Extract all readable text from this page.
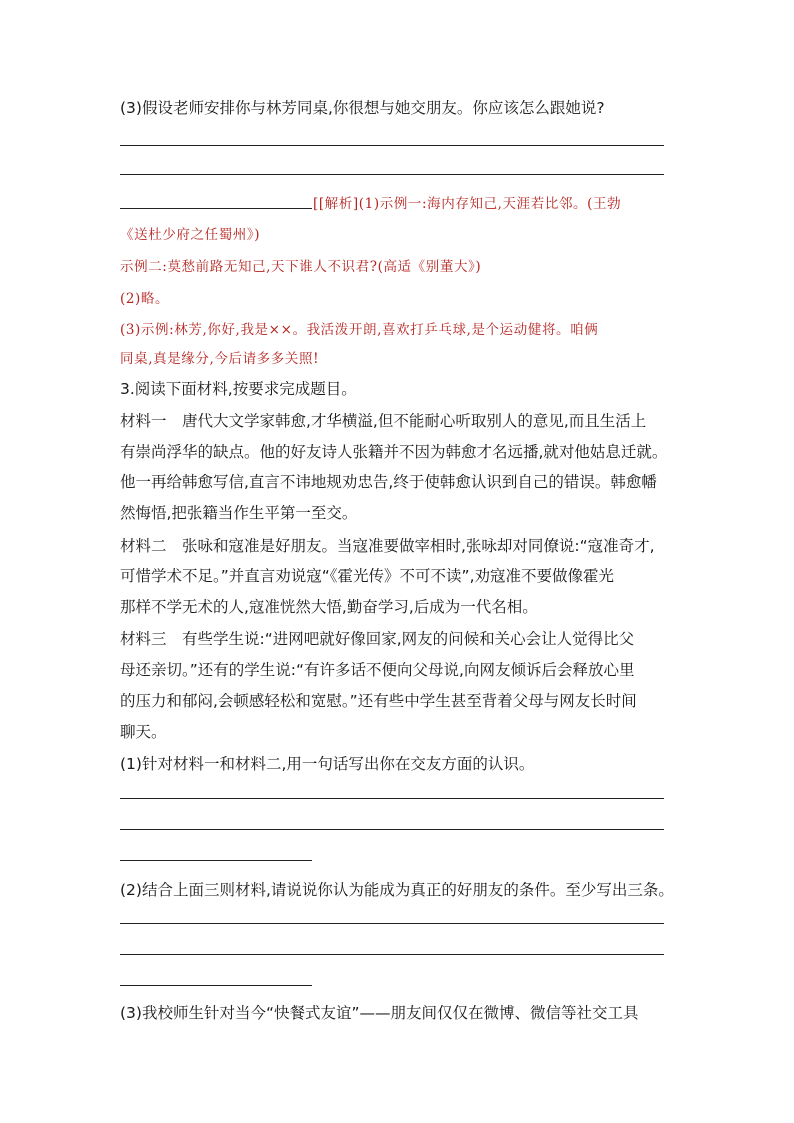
(3)假设老师安排你与林芳同桌,你很想与她交朋友。你应该怎么跟她说?
[[解析](1)示例一:海内存知己,天涯若比邻。(王勃
《送杜少府之任蜀州》)
示例二:莫愁前路无知己,天下谁人不识君?(高适《别董大》)
(2)略。
(3)示例:林芳,你好,我是××。我活泼开朗,喜欢打乒乓球,是个运动健将。咱俩
同桌,真是缘分,今后请多多关照!
3.阅读下面材料,按要求完成题目。
材料一　唐代大文学家韩愈,才华横溢,但不能耐心听取别人的意见,而且生活上
有崇尚浮华的缺点。他的好友诗人张籍并不因为韩愈才名远播,就对他姑息迁就。
他一再给韩愈写信,直言不讳地规劝忠告,终于使韩愈认识到自己的错误。韩愈幡
然悔悟,把张籍当作生平第一至交。
材料二　张咏和寇准是好朋友。当寇准要做宰相时,张咏却对同僚说:“寇准奇才,
可惜学术不足。”并直言劝说寇“《霍光传》不可不读”,劝寇准不要做像霍光
那样不学无术的人,寇准恍然大悟,勤奋学习,后成为一代名相。
材料三　有些学生说:“进网吧就好像回家,网友的问候和关心会让人觉得比父
母还亲切。”还有的学生说:“有许多话不便向父母说,向网友倾诉后会释放心里
的压力和郁闷,会顿感轻松和宽慰。”还有些中学生甚至背着父母与网友长时间
聊天。
(1)针对材料一和材料二,用一句话写出你在交友方面的认识。
(2)结合上面三则材料,请说说你认为能成为真正的好朋友的条件。至少写出三条。
(3)我校师生针对当今“快餐式友谊”——朋友间仅仅在微博、微信等社交工具
